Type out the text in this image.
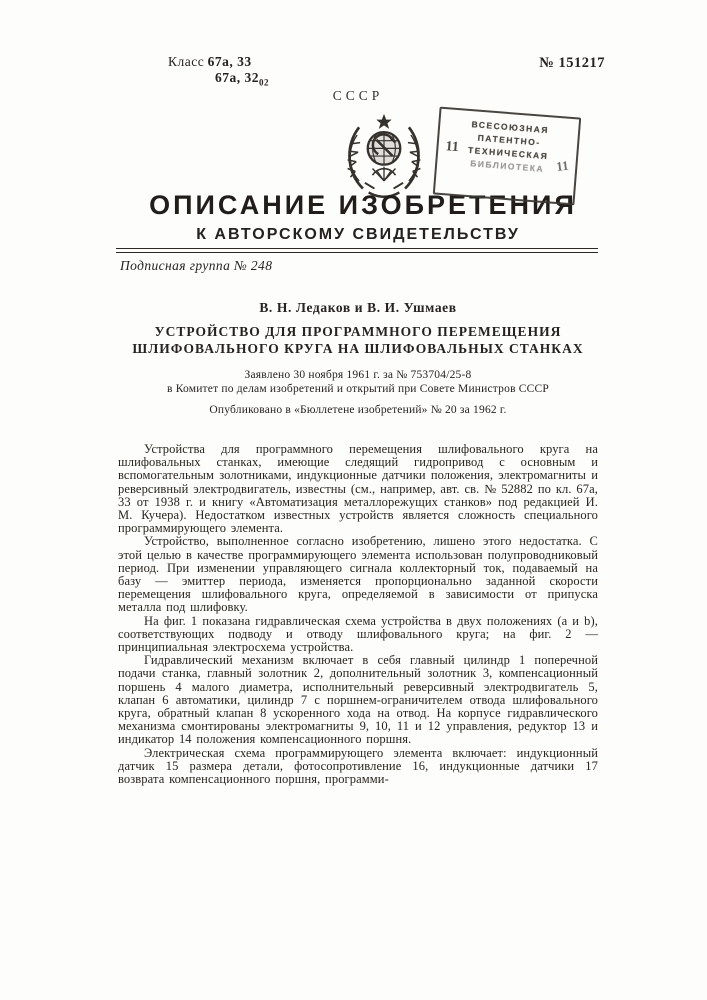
Класс 67а, 33
67а, $32_{02}$
№ 151217
СССР
ВСЕСОЮЗНАЯ
ПАТЕНТНО-
ТЕХНИЧЕСКАЯ
БИБЛИОТЕКА
11
11
ОПИСАНИЕ ИЗОБРЕТЕНИЯ
К АВТОРСКОМУ СВИДЕТЕЛЬСТВУ
Подписная группа № 248
В. Н. Ледаков и В. И. Ушмаев
УСТРОЙСТВО ДЛЯ ПРОГРАММНОГО ПЕРЕМЕЩЕНИЯ
ШЛИФОВАЛЬНОГО КРУГА НА ШЛИФОВАЛЬНЫХ СТАНКАХ
Заявлено 30 ноября 1961 г. за № 753704/25-8
в Комитет по делам изобретений и открытий при Совете Министров СССР
Опубликовано в «Бюллетене изобретений» № 20 за 1962 г.

Устройства для программного перемещения шлифовального круга на шлифовальных станках, имеющие следящий гидропривод с основным и вспомогательным золотниками, индукционные датчики положения, электромагниты и реверсивный электродвигатель, известны (см., например, авт. св. № 52882 по кл. 67а, 33 от 1938 г. и книгу «Автоматизация металлорежущих станков» под редакцией И. М. Кучера). Недостатком известных устройств является сложность специального программирующего элемента.

Устройство, выполненное согласно изобретению, лишено этого недостатка. С этой целью в качестве программирующего элемента использован полупроводниковый период. При изменении управляющего сигнала коллекторный ток, подаваемый на базу — эмиттер периода, изменяется пропорционально заданной скорости перемещения шлифовального круга, определяемой в зависимости от припуска металла под шлифовку.

На фиг. 1 показана гидравлическая схема устройства в двух положениях (а и b), соответствующих подводу и отводу шлифовального круга; на фиг. 2 — принципиальная электросхема устройства.

Гидравлический механизм включает в себя главный цилиндр 1 поперечной подачи станка, главный золотник 2, дополнительный золотник 3, компенсационный поршень 4 малого диаметра, исполнительный реверсивный электродвигатель 5, клапан 6 автоматики, цилиндр 7 с поршнем-ограничителем отвода шлифовального круга, обратный клапан 8 ускоренного хода на отвод. На корпусе гидравлического механизма смонтированы электромагниты 9, 10, 11 и 12 управления, редуктор 13 и индикатор 14 положения компенсационного поршня.

Электрическая схема программирующего элемента включает: индукционный датчик 15 размера детали, фотосопротивление 16, индукционные датчики 17 возврата компенсационного поршня, программи-
